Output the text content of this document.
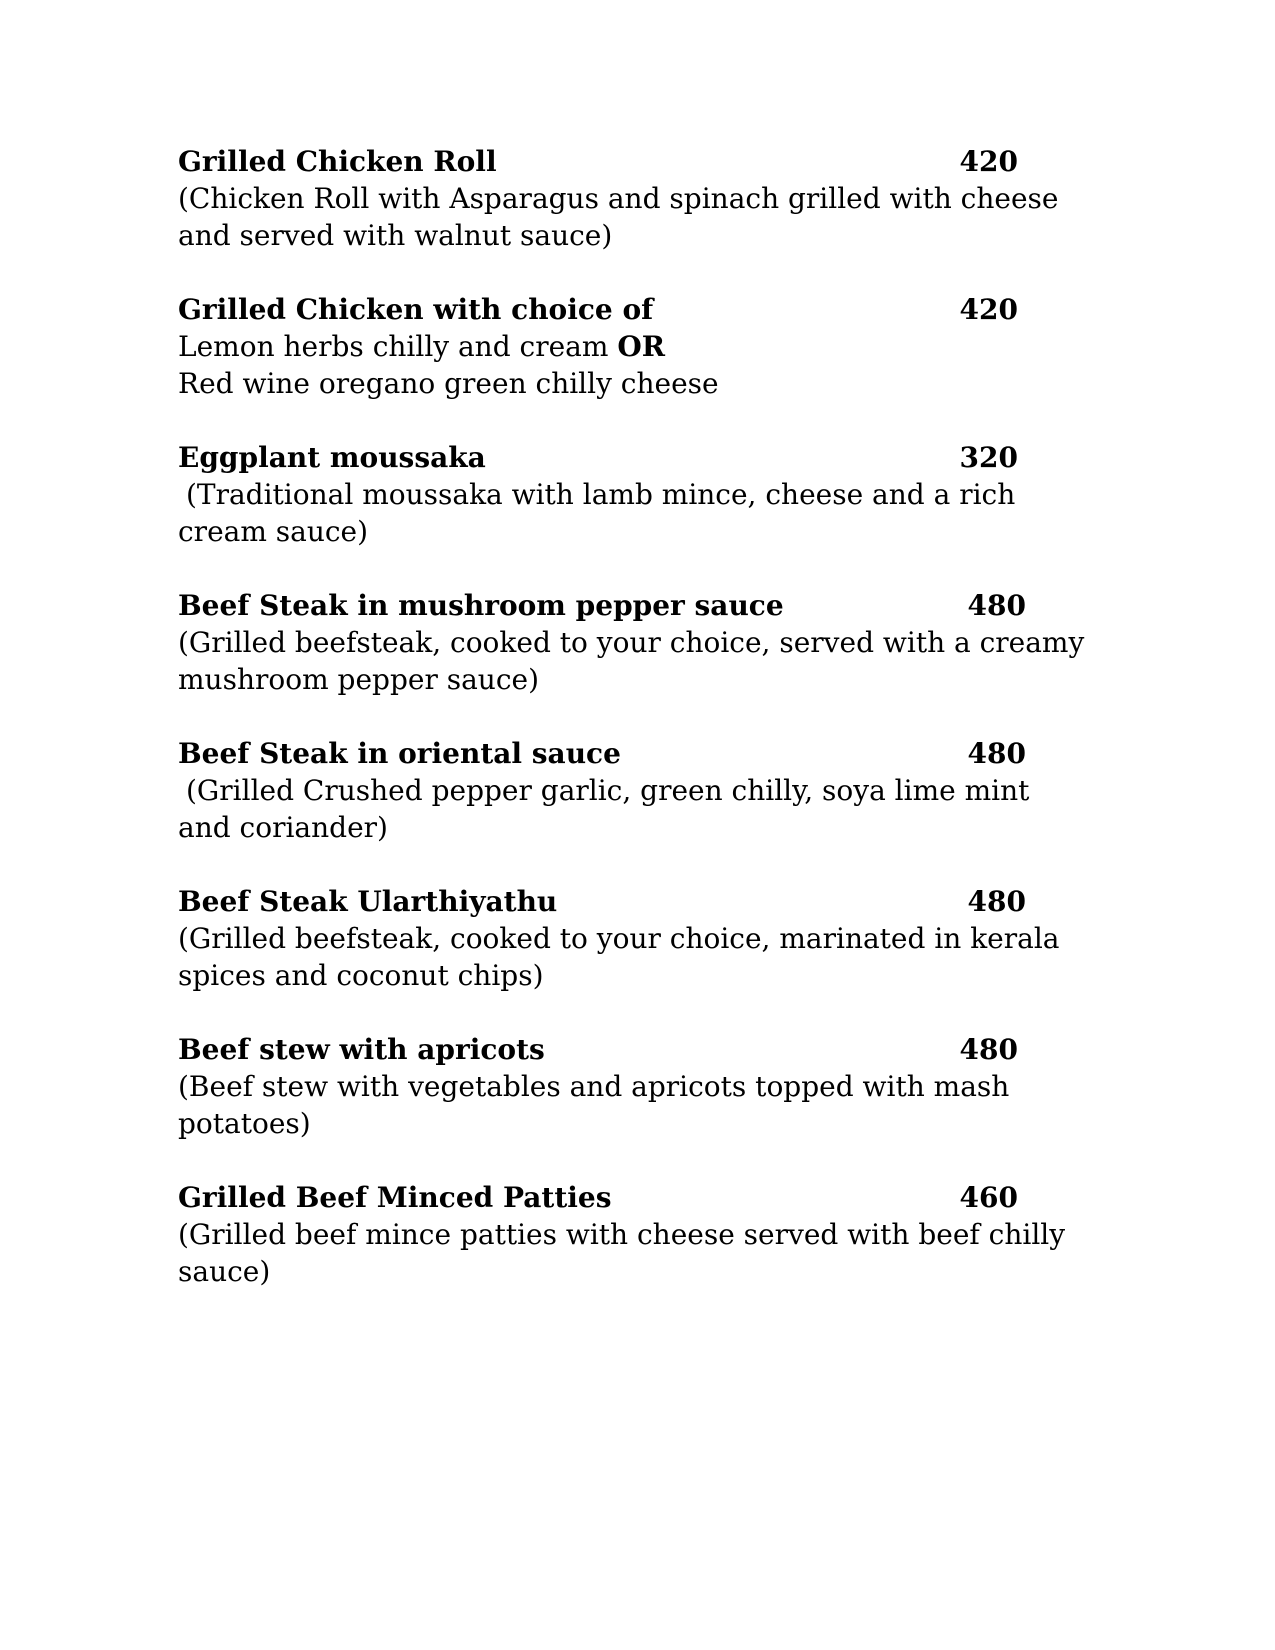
Grilled Chicken Roll	420
(Chicken Roll with Asparagus and spinach grilled with cheese
and served with walnut sauce)
Grilled Chicken with choice of	420
Lemon herbs chilly and cream OR
Red wine oregano green chilly cheese
Eggplant moussaka	320
(Traditional moussaka with lamb mince, cheese and a rich
cream sauce)
Beef Steak in mushroom pepper sauce	480
(Grilled beefsteak, cooked to your choice, served with a creamy
mushroom pepper sauce)
Beef Steak in oriental sauce	480
(Grilled Crushed pepper garlic, green chilly, soya lime mint
and coriander)
Beef Steak Ularthiyathu	480
(Grilled beefsteak, cooked to your choice, marinated in kerala
spices and coconut chips)
Beef stew with apricots	480
(Beef stew with vegetables and apricots topped with mash
potatoes)
Grilled Beef Minced Patties	460
(Grilled beef mince patties with cheese served with beef chilly
sauce)
